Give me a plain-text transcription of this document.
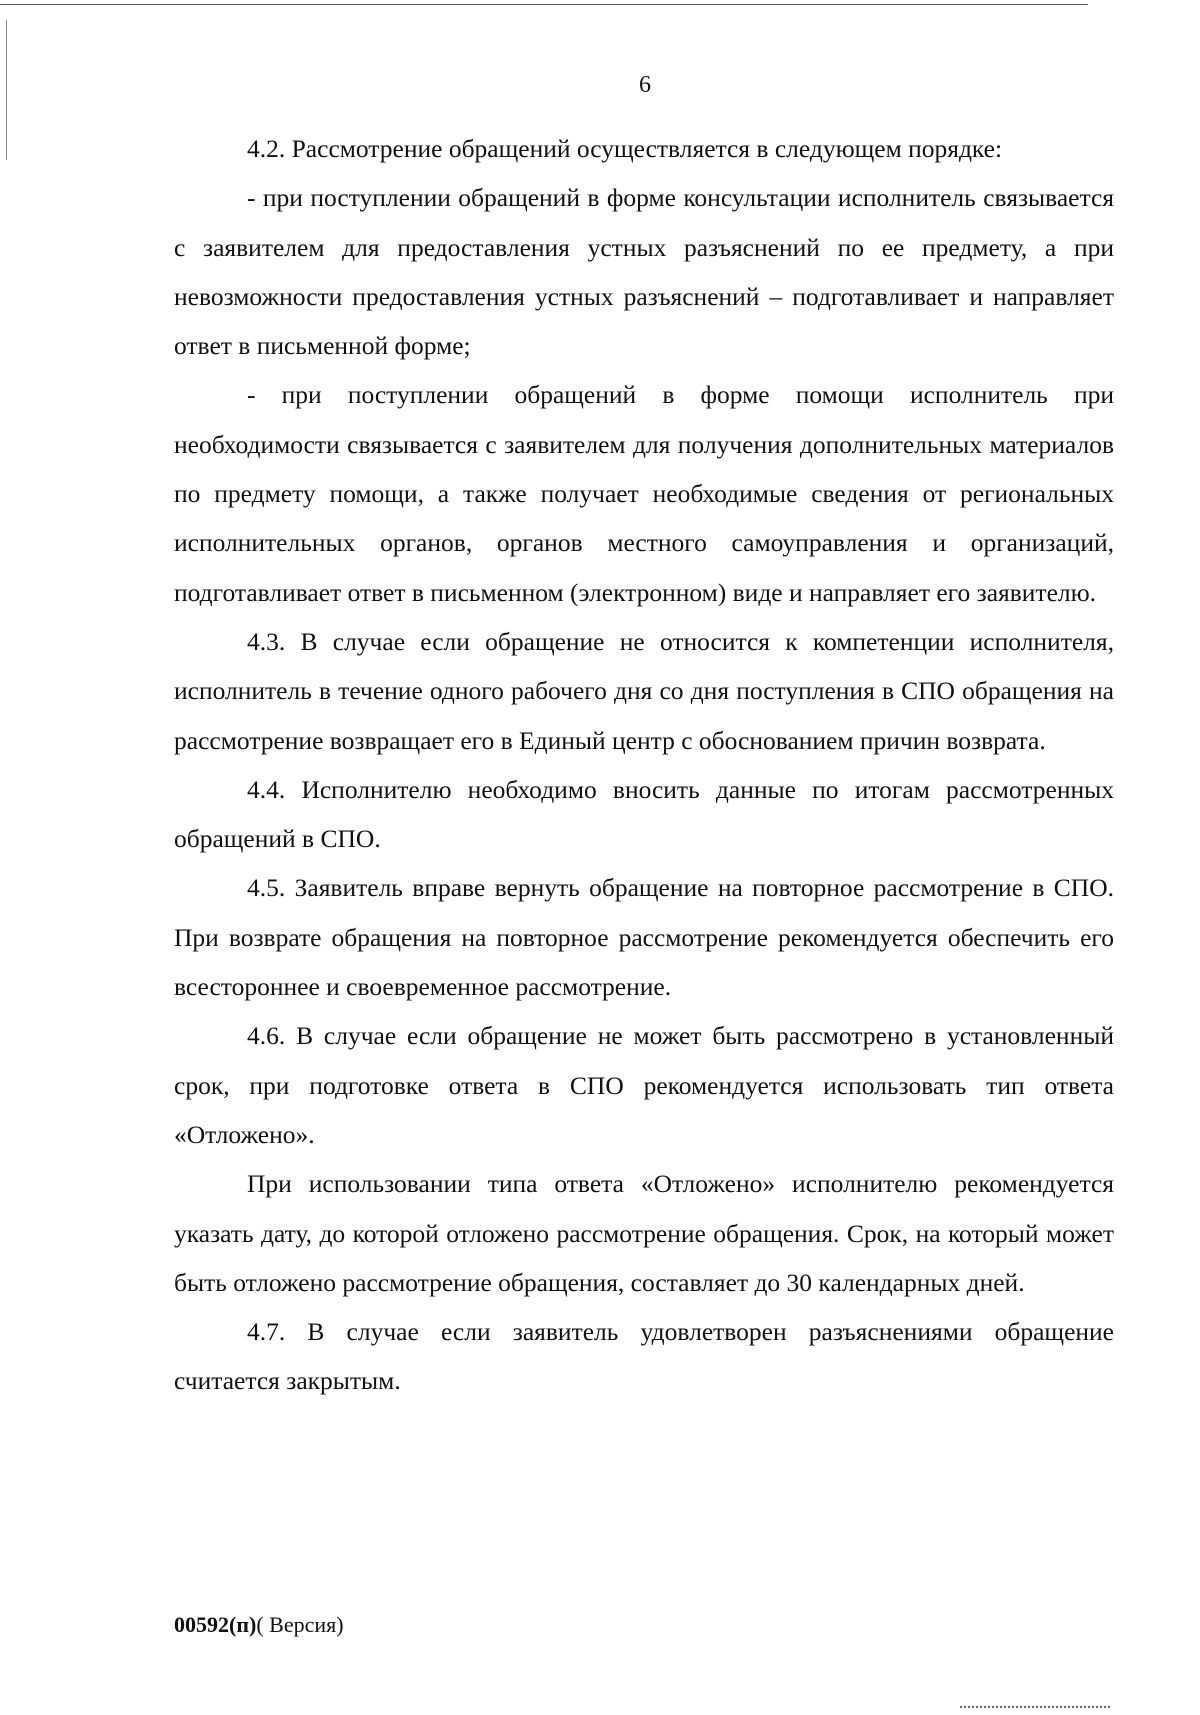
6

4.2. Рассмотрение обращений осуществляется в следующем порядке:

- при поступлении обращений в форме консультации исполнитель связывается с заявителем для предоставления устных разъяснений по ее предмету, а при невозможности предоставления устных разъяснений – подготавливает и направляет ответ в письменной форме;

- при поступлении обращений в форме помощи исполнитель при необходимости связывается с заявителем для получения дополнительных материалов по предмету помощи, а также получает необходимые сведения от региональных исполнительных органов, органов местного самоуправления и организаций, подготавливает ответ в письменном (электронном) виде и направляет его заявителю.

4.3. В случае если обращение не относится к компетенции исполнителя, исполнитель в течение одного рабочего дня со дня поступления в СПО обращения на рассмотрение возвращает его в Единый центр с обоснованием причин возврата.

4.4. Исполнителю необходимо вносить данные по итогам рассмотренных обращений в СПО.

4.5. Заявитель вправе вернуть обращение на повторное рассмотрение в СПО. При возврате обращения на повторное рассмотрение рекомендуется обеспечить его всестороннее и своевременное рассмотрение.

4.6. В случае если обращение не может быть рассмотрено в установленный срок, при подготовке ответа в СПО рекомендуется использовать тип ответа «Отложено».

При использовании типа ответа «Отложено» исполнителю рекомендуется указать дату, до которой отложено рассмотрение обращения. Срок, на который может быть отложено рассмотрение обращения, составляет до 30 календарных дней.

4.7. В случае если заявитель удовлетворен разъяснениями обращение считается закрытым.

00592(п)( Версия)
